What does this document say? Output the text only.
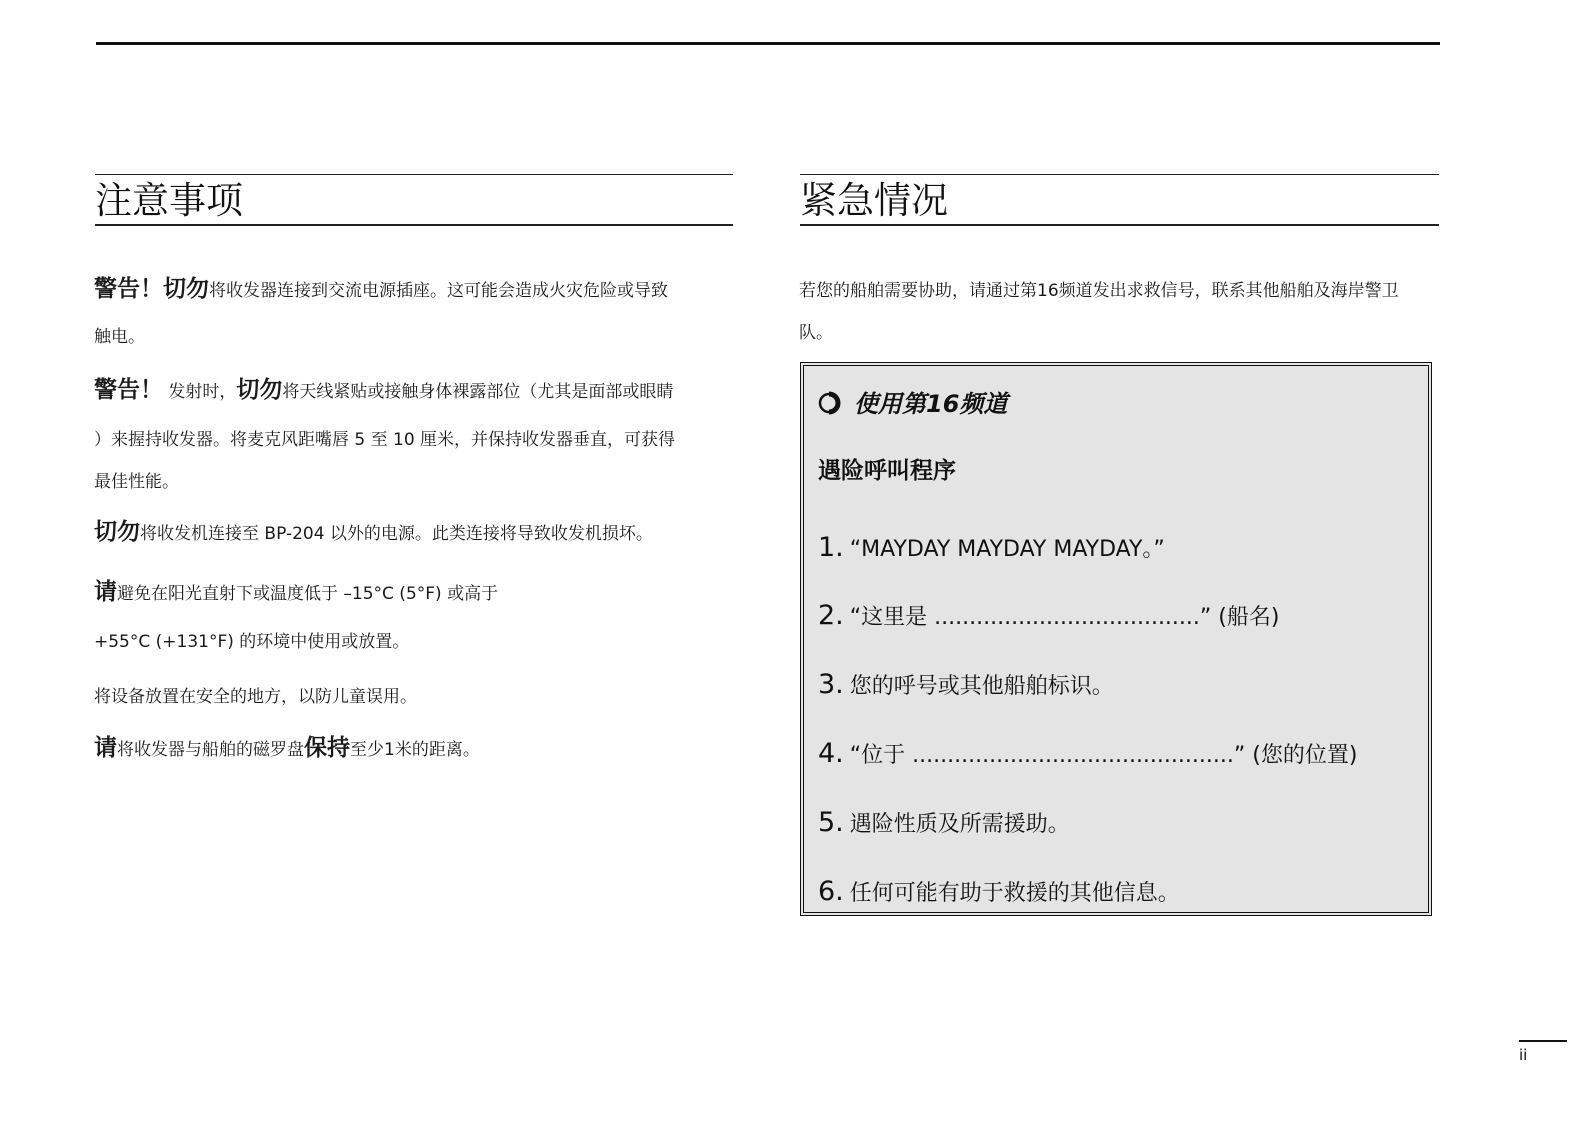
注意事项
警告！切勿将收发器连接到交流电源插座。这可能会造成火灾危险或导致
触电。
警告！ 发射时，切勿将天线紧贴或接触身体裸露部位（尤其是面部或眼睛
）来握持收发器。将麦克风距嘴唇 5 至 10 厘米，并保持收发器垂直，可获得
最佳性能。
切勿将收发机连接至 BP-204 以外的电源。此类连接将导致收发机损坏。
请避免在阳光直射下或温度低于 –15°C (5°F) 或高于
+55°C (+131°F) 的环境中使用或放置。
将设备放置在安全的地方，以防儿童误用。
请将收发器与船舶的磁罗盘保持至少1米的距离。
紧急情况
若您的船舶需要协助，请通过第16频道发出求救信号，联系其他船舶及海岸警卫
队。
使用第16频道
遇险呼叫程序
1. “MAYDAY MAYDAY MAYDAY。”
2. “这里是 ......................................” (船名)
3. 您的呼号或其他船舶标识。
4. “位于 ..............................................” (您的位置)
5. 遇险性质及所需援助。
6. 任何可能有助于救援的其他信息。
ii
